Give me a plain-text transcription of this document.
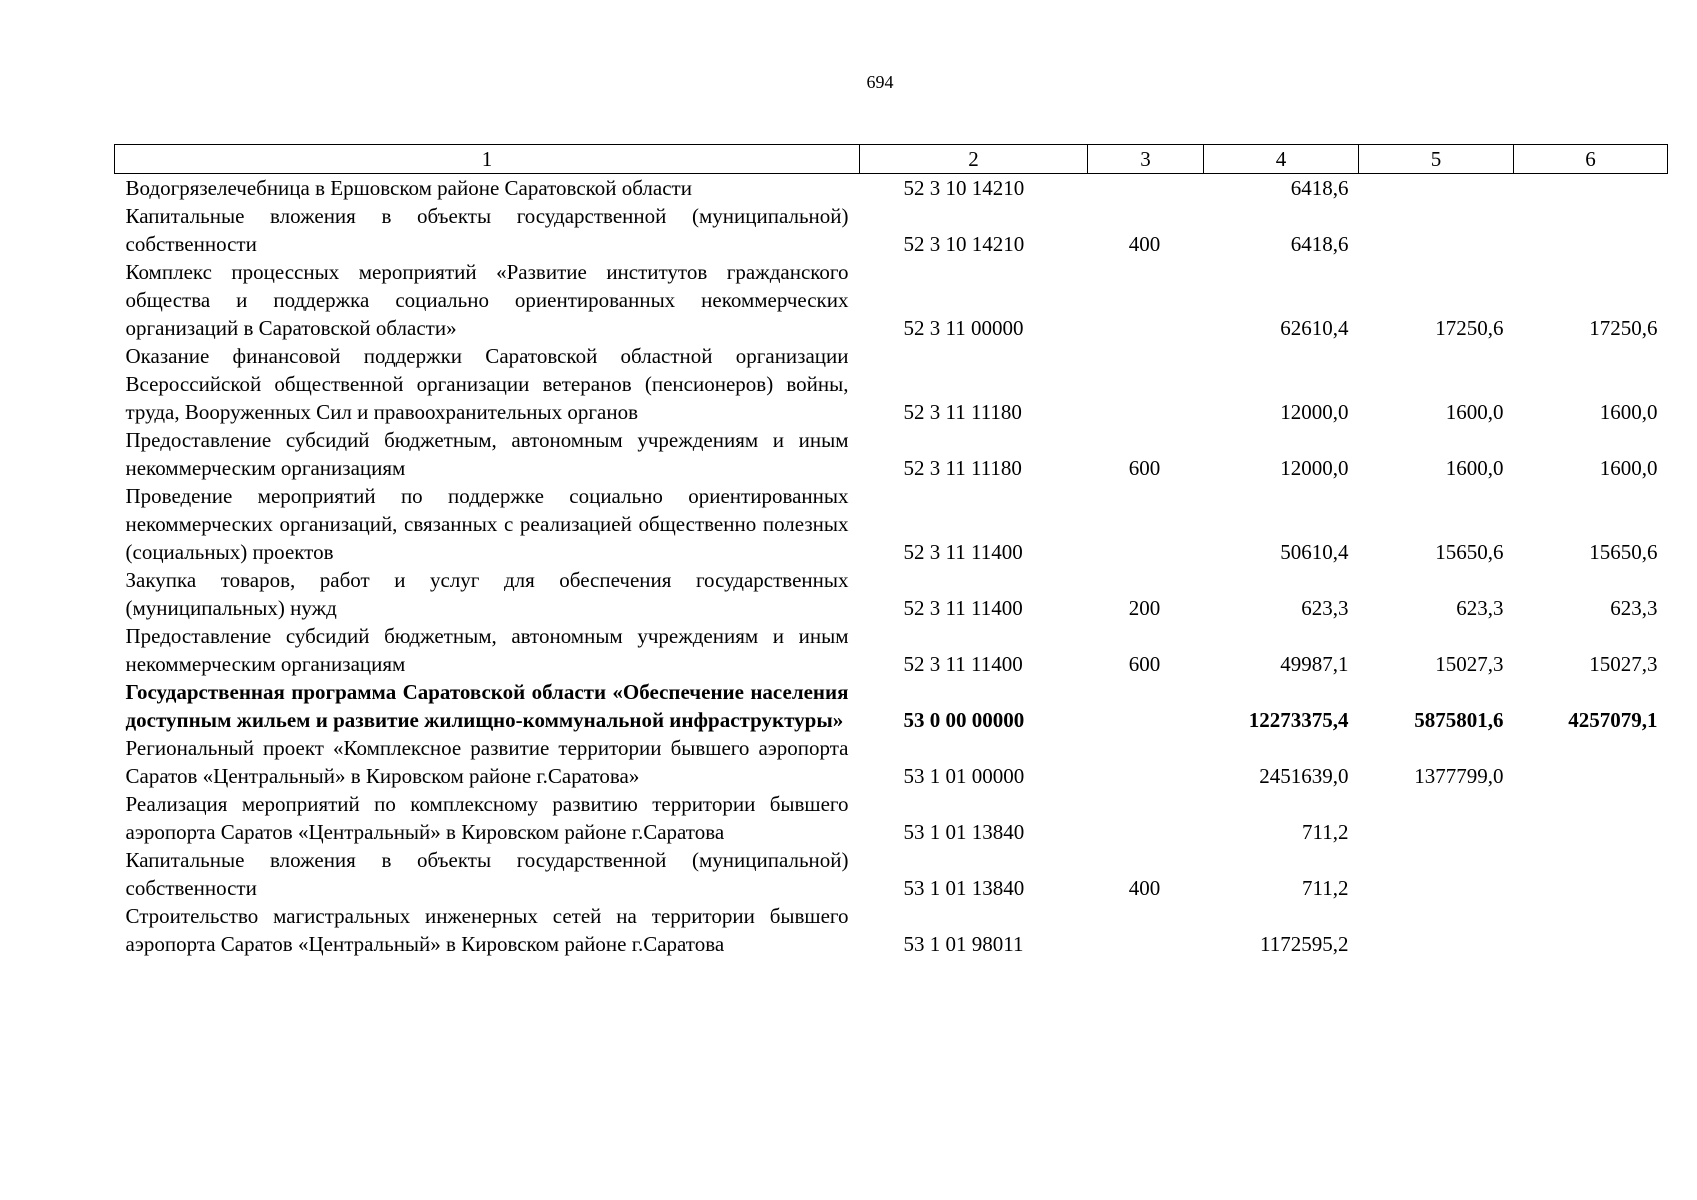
694
1	2	3	4	5	6
Водогрязелечебница в Ершовском районе Саратовской области	52 3 10 14210		6418,6		
Капитальные вложения в объекты государственной (муниципальной) собственности	52 3 10 14210	400	6418,6		
Комплекс процессных мероприятий «Развитие институтов гражданского общества и поддержка социально ориентированных некоммерческих организаций в Саратовской области»	52 3 11 00000		62610,4	17250,6	17250,6
Оказание финансовой поддержки Саратовской областной организации Всероссийской общественной организации ветеранов (пенсионеров) войны, труда, Вооруженных Сил и правоохранительных органов	52 3 11 11180		12000,0	1600,0	1600,0
Предоставление субсидий бюджетным, автономным учреждениям и иным некоммерческим организациям	52 3 11 11180	600	12000,0	1600,0	1600,0
Проведение мероприятий по поддержке социально ориентированных некоммерческих организаций, связанных с реализацией общественно полезных (социальных) проектов	52 3 11 11400		50610,4	15650,6	15650,6
Закупка товаров, работ и услуг для обеспечения государственных (муниципальных) нужд	52 3 11 11400	200	623,3	623,3	623,3
Предоставление субсидий бюджетным, автономным учреждениям и иным некоммерческим организациям	52 3 11 11400	600	49987,1	15027,3	15027,3
Государственная программа Саратовской области «Обеспечение населения доступным жильем и развитие жилищно-коммунальной инфраструктуры»	53 0 00 00000		12273375,4	5875801,6	4257079,1
Региональный проект «Комплексное развитие территории бывшего аэропорта Саратов «Центральный» в Кировском районе г.Саратова»	53 1 01 00000		2451639,0	1377799,0	
Реализация мероприятий по комплексному развитию территории бывшего аэропорта Саратов «Центральный» в Кировском районе г.Саратова	53 1 01 13840		711,2		
Капитальные вложения в объекты государственной (муниципальной) собственности	53 1 01 13840	400	711,2		
Строительство магистральных инженерных сетей на территории бывшего аэропорта Саратов «Центральный» в Кировском районе г.Саратова	53 1 01 98011		1172595,2		
